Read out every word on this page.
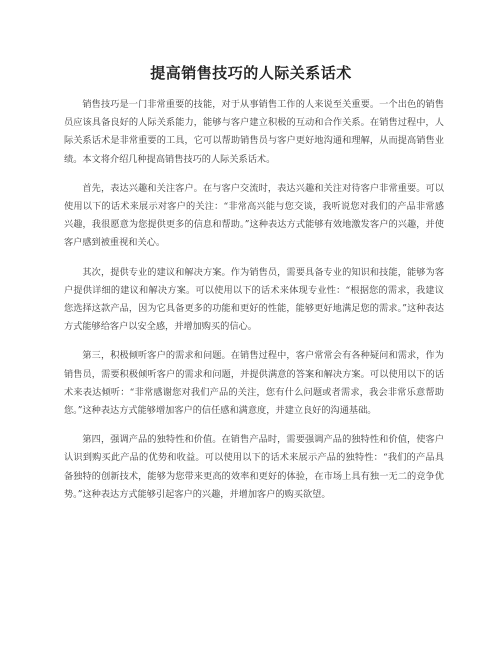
提高销售技巧的人际关系话术

销售技巧是一门非常重要的技能，对于从事销售工作的人来说至关重要。一个出色的销售员应该具备良好的人际关系能力，能够与客户建立积极的互动和合作关系。在销售过程中，人际关系话术是非常重要的工具，它可以帮助销售员与客户更好地沟通和理解，从而提高销售业绩。本文将介绍几种提高销售技巧的人际关系话术。

首先，表达兴趣和关注客户。在与客户交流时，表达兴趣和关注对待客户非常重要。可以使用以下的话术来展示对客户的关注：“非常高兴能与您交谈，我听说您对我们的产品非常感兴趣，我很愿意为您提供更多的信息和帮助。”这种表达方式能够有效地激发客户的兴趣，并使客户感到被重视和关心。

其次，提供专业的建议和解决方案。作为销售员，需要具备专业的知识和技能，能够为客户提供详细的建议和解决方案。可以使用以下的话术来体现专业性：“根据您的需求，我建议您选择这款产品，因为它具备更多的功能和更好的性能，能够更好地满足您的需求。”这种表达方式能够给客户以安全感，并增加购买的信心。

第三，积极倾听客户的需求和问题。在销售过程中，客户常常会有各种疑问和需求，作为销售员，需要积极倾听客户的需求和问题，并提供满意的答案和解决方案。可以使用以下的话术来表达倾听：“非常感谢您对我们产品的关注，您有什么问题或者需求，我会非常乐意帮助您。”这种表达方式能够增加客户的信任感和满意度，并建立良好的沟通基础。

第四，强调产品的独特性和价值。在销售产品时，需要强调产品的独特性和价值，使客户认识到购买此产品的优势和收益。可以使用以下的话术来展示产品的独特性：“我们的产品具备独特的创新技术，能够为您带来更高的效率和更好的体验，在市场上具有独一无二的竞争优势。”这种表达方式能够引起客户的兴趣，并增加客户的购买欲望。
